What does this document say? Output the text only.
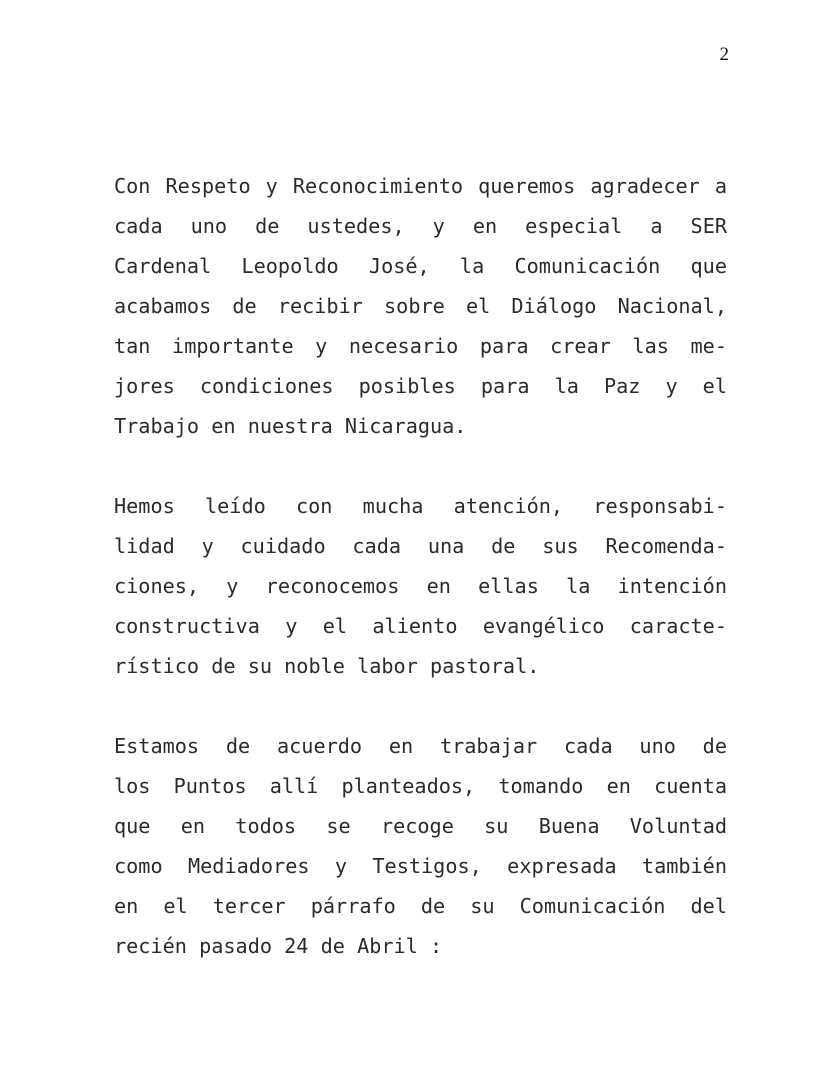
2

Con Respeto y Reconocimiento queremos agradecer a
cada uno de ustedes, y en especial a SER
Cardenal Leopoldo José, la Comunicación que
acabamos de recibir sobre el Diálogo Nacional,
tan importante y necesario para crear las me-
jores condiciones posibles para la Paz y el
Trabajo en nuestra Nicaragua.

Hemos leído con mucha atención, responsabi-
lidad y cuidado cada una de sus Recomenda-
ciones, y reconocemos en ellas la intención
constructiva y el aliento evangélico caracte-
rístico de su noble labor pastoral.

Estamos de acuerdo en trabajar cada uno de
los Puntos allí planteados, tomando en cuenta
que en todos se recoge su Buena Voluntad
como Mediadores y Testigos, expresada también
en el tercer párrafo de su Comunicación del
recién pasado 24 de Abril :
